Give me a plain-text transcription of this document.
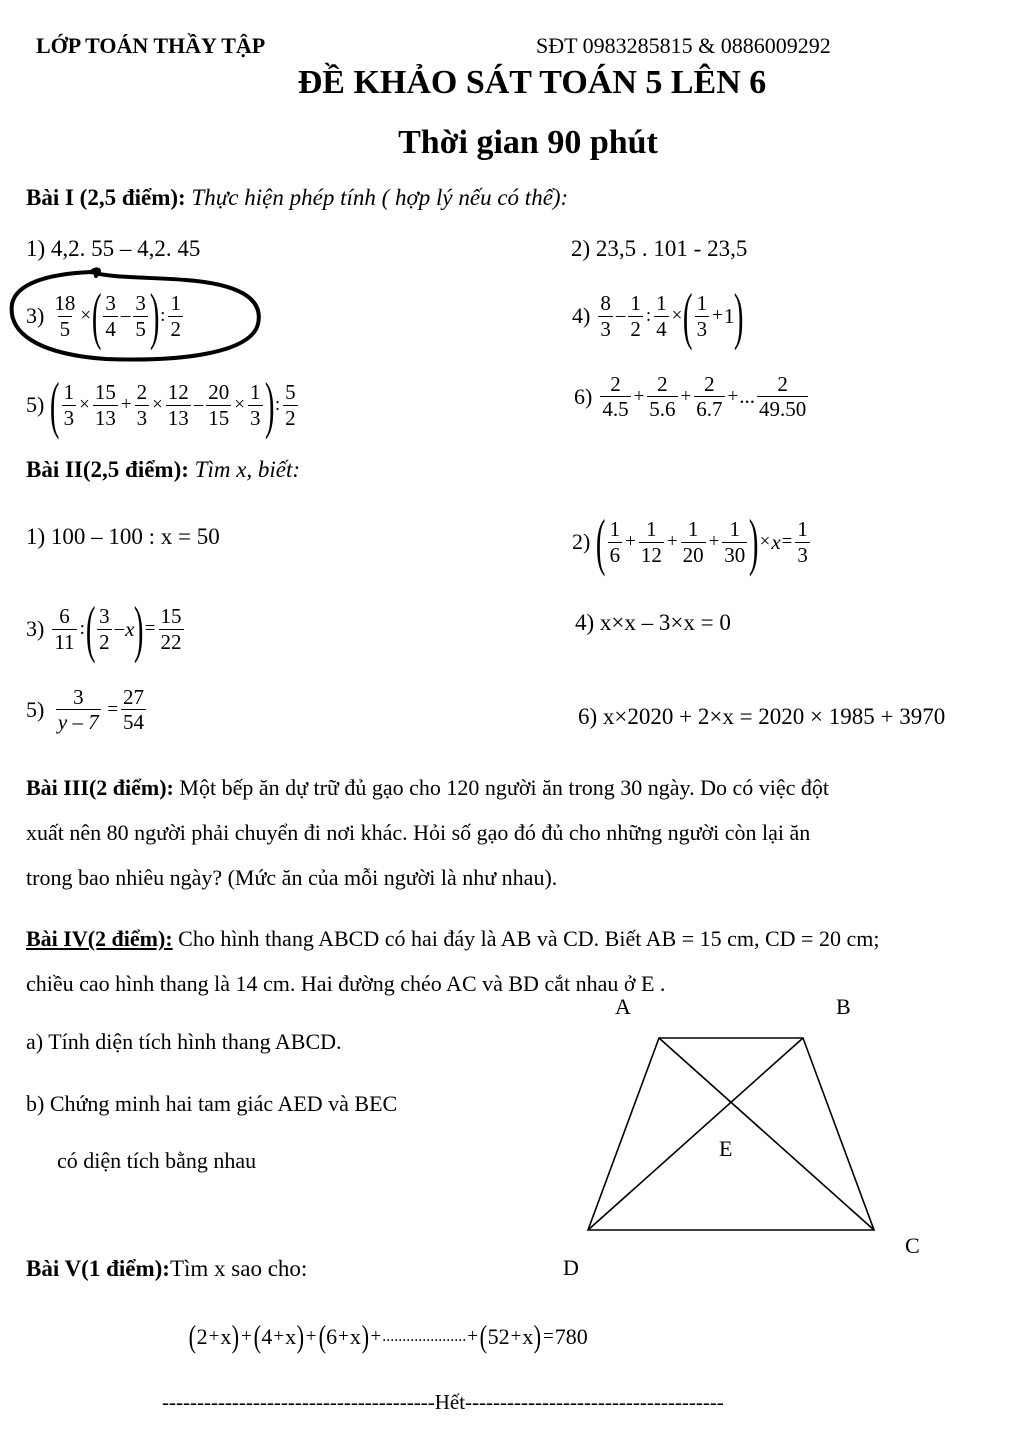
LỚP TOÁN THẦY TẬP	SĐT 0983285815 & 0886009292
ĐỀ KHẢO SÁT TOÁN 5 LÊN 6
Thời gian 90 phút
Bài I (2,5 điểm): Thực hiện phép tính ( hợp lý nếu có thể):
1) 4,2. 55 – 4,2. 45	2) 23,5 . 101 - 23,5
$3) \frac{18}{5}$ × ( $\frac{3}{4} - \frac{3}{5}$ ) : $\frac{1}{2}$	$4) \frac{8}{3} - \frac{1}{2}$ : $\frac{1}{4}$ × ( $\frac{1}{3} + 1$ )
5) ( $\frac{1}{3} \times \frac{15}{13} + \frac{2}{3} \times \frac{12}{13} - \frac{20}{15} \times \frac{1}{3}$ ) : $\frac{5}{2}$	$6) \frac{2}{4.5} + \frac{2}{5.6} + \frac{2}{6.7}$ + ... $\frac{2}{49.50}$
Bài II(2,5 điểm): Tìm x, biết:
1) 100 – 100 : x = 50	2) ( $\frac{1}{6} + \frac{1}{12} + \frac{1}{20} + \frac{1}{30}$ ) × $x = \frac{1}{3}$
$3) \frac{6}{11}$ : ( $\frac{3}{2}$ – x ) = $\frac{15}{22}$	4) x×x – 3×x = 0
$5) \frac{3}{y - 7} = \frac{27}{54}$	6) x×2020 + 2×x = 2020 × 1985 + 3970
Bài III(2 điểm): Một bếp ăn dự trữ đủ gạo cho 120 người ăn trong 30 ngày. Do có việc đột
xuất nên 80 người phải chuyển đi nơi khác. Hỏi số gạo đó đủ cho những người còn lại ăn
trong bao nhiêu ngày? (Mức ăn của mỗi người là như nhau).
Bài IV(2 điểm): Cho hình thang ABCD có hai đáy là AB và CD. Biết AB = 15 cm, CD = 20 cm;
chiều cao hình thang là 14 cm. Hai đường chéo AC và BD cắt nhau ở E .
a) Tính diện tích hình thang ABCD.
b) Chứng minh hai tam giác AED và BEC
có diện tích bằng nhau
A	B
C
D
E
Bài V(1 điểm):Tìm x sao cho:
( 2 + x ) + ( 4 + x ) + ( 6 + x ) + ..................... + ( 52 + x ) = 780
---------------------------------------Hết-------------------------------------
